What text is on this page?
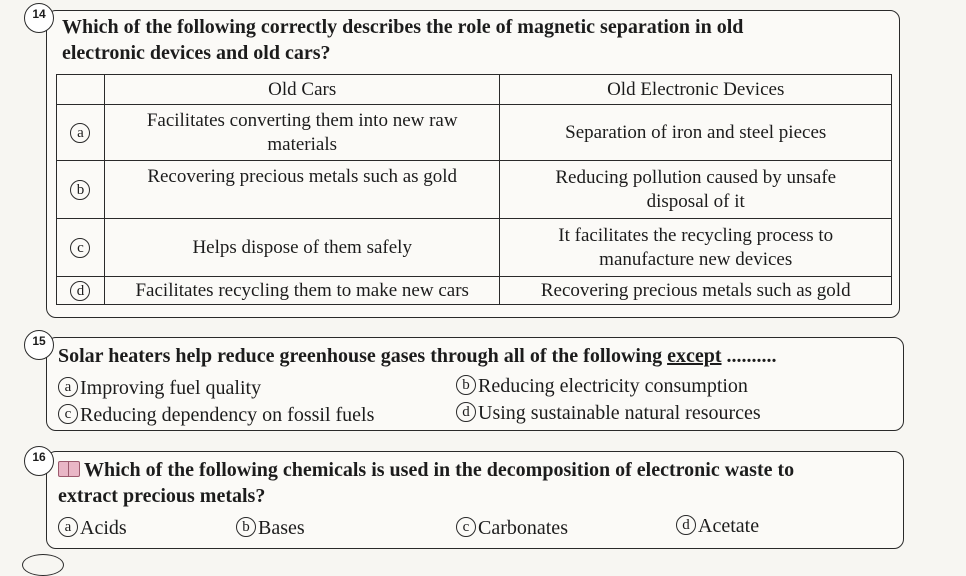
14
Which of the following correctly describes the role of magnetic separation in old
electronic devices and old cars?
	Old Cars	Old Electronic Devices
a	Facilitates converting them into new raw materials	Separation of iron and steel pieces
b	Recovering precious metals such as gold	Reducing pollution caused by unsafe disposal of it
c	Helps dispose of them safely	It facilitates the recycling process to manufacture new devices
d	Facilitates recycling them to make new cars	Recovering precious metals such as gold
15
Solar heaters help reduce greenhouse gases through all of the following except ..........
a Improving fuel quality	b Reducing electricity consumption
c Reducing dependency on fossil fuels	d Using sustainable natural resources
16
Which of the following chemicals is used in the decomposition of electronic waste to
extract precious metals?
a Acids	b Bases	c Carbonates	d Acetate
